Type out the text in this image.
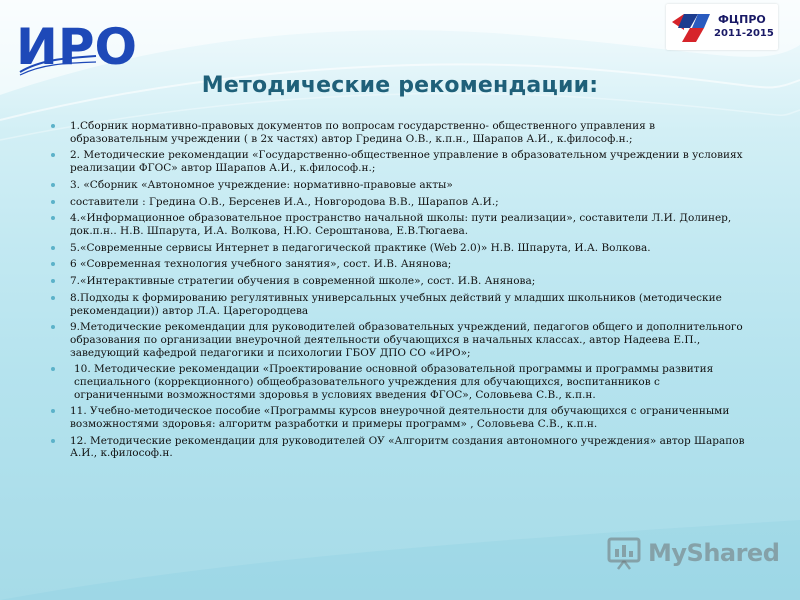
ИРО	ФЦПРО
2011-2015
Методические рекомендации:
1.Сборник нормативно-правовых документов по вопросам государственно- общественного управления в образовательным учреждении ( в 2х частях) автор Гредина О.В., к.п.н., Шарапов А.И., к.философ.н.;
2. Методические рекомендации «Государственно-общественное управление в образовательном учреждении в условиях реализации ФГОС» автор Шарапов А.И., к.философ.н.;
3. «Сборник «Автономное учреждение: нормативно-правовые акты»
составители : Гредина О.В., Берсенев И.А., Новгородова В.В., Шарапов А.И.;
4.«Информационное образовательное пространство начальной школы: пути реализации», составители Л.И. Долинер, док.п.н.. Н.В. Шпарута, И.А. Волкова, Н.Ю. Сероштанова, Е.В.Тюгаева.
5.«Современные сервисы Интернет в педагогической практике (Web 2.0)» Н.В. Шпарута, И.А. Волкова.
6 «Современная технология учебного занятия», сост. И.В. Анянова;
7.«Интерактивные стратегии обучения в современной школе», сост. И.В. Анянова;
8.Подходы к формированию регулятивных универсальных учебных действий у младших школьников (методические рекомендации)) автор Л.А. Царегородцева
9.Методические рекомендации для руководителей образовательных учреждений, педагогов общего и дополнительного образования по организации внеурочной деятельности обучающихся в начальных классах., автор Надеева Е.П., заведующий кафедрой педагогики и психологии ГБОУ ДПО СО «ИРО»;
10. Методические рекомендации «Проектирование основной образовательной программы и программы развития специального (коррекционного) общеобразовательного учреждения для обучающихся, воспитанников с ограниченными возможностями здоровья в условиях введения ФГОС», Соловьева С.В., к.п.н.
11. Учебно-методическое пособие «Программы курсов внеурочной деятельности для обучающихся с ограниченными возможностями здоровья: алгоритм разработки и примеры программ» , Соловьева С.В., к.п.н.
12. Методические рекомендации для руководителей ОУ «Алгоритм создания автономного учреждения» автор Шарапов А.И., к.философ.н.
MyShared
